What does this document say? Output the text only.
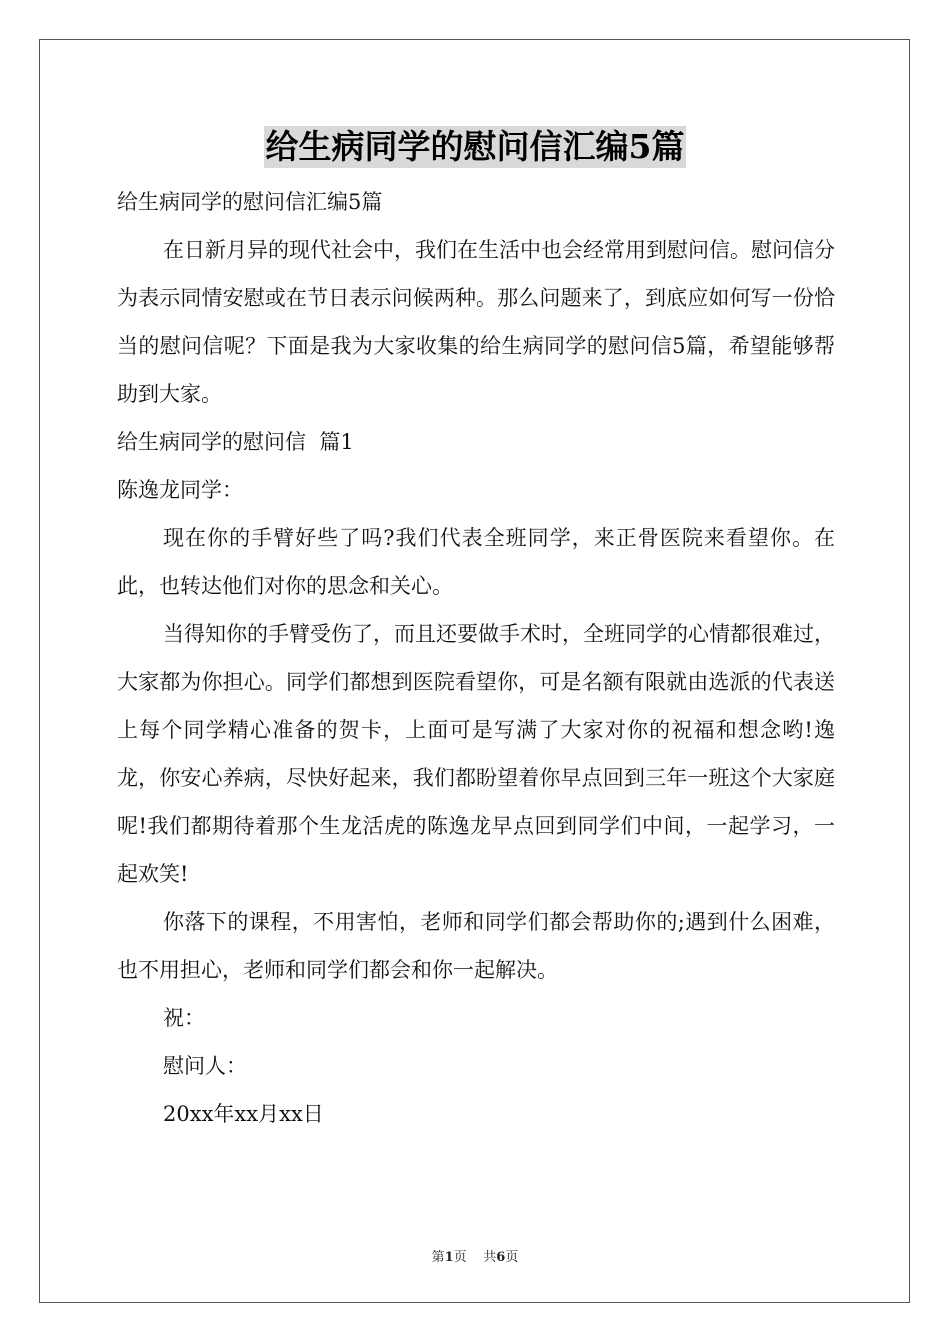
给生病同学的慰问信汇编5篇

给生病同学的慰问信汇编5篇

在日新月异的现代社会中，我们在生活中也会经常用到慰问信。慰问信分为表示同情安慰或在节日表示问候两种。那么问题来了，到底应如何写一份恰当的慰问信呢？下面是我为大家收集的给生病同学的慰问信5篇，希望能够帮助到大家。

给生病同学的慰问信  篇1

陈逸龙同学：

现在你的手臂好些了吗?我们代表全班同学，来正骨医院来看望你。在此，也转达他们对你的思念和关心。

当得知你的手臂受伤了，而且还要做手术时，全班同学的心情都很难过，大家都为你担心。同学们都想到医院看望你，可是名额有限就由选派的代表送上每个同学精心准备的贺卡，上面可是写满了大家对你的祝福和想念哟!逸龙，你安心养病，尽快好起来，我们都盼望着你早点回到三年一班这个大家庭呢!我们都期待着那个生龙活虎的陈逸龙早点回到同学们中间，一起学习，一起欢笑!

你落下的课程，不用害怕，老师和同学们都会帮助你的;遇到什么困难，也不用担心，老师和同学们都会和你一起解决。

祝：

慰问人：

20xx年xx月xx日

第1页 共6页
